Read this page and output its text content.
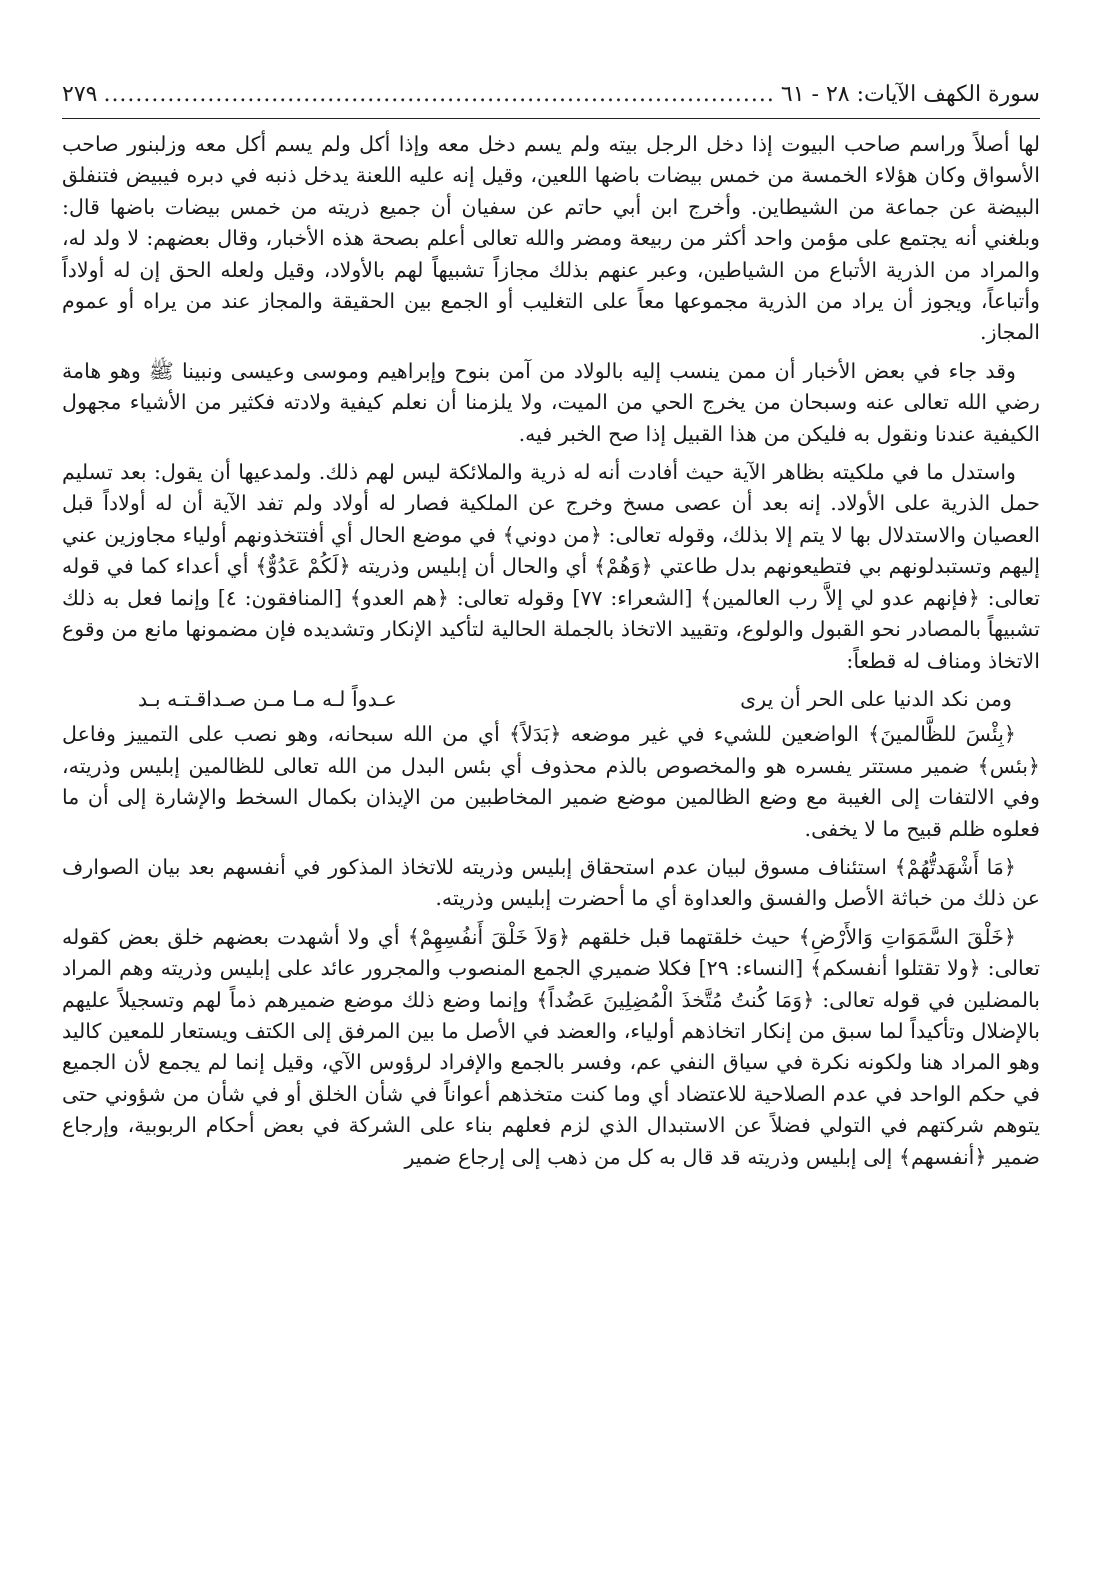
سورة الكهف الآيات: ٢٨ - ٦١
.....
٢٧٩

لها أصلاً وراسم صاحب البيوت إذا دخل الرجل بيته ولم يسم دخل معه وإذا أكل ولم يسم أكل معه وزلبنور صاحب الأسواق وكان هؤلاء الخمسة من خمس بيضات باضها اللعين، وقيل إنه عليه اللعنة يدخل ذنبه في دبره فيبيض فتنفلق البيضة عن جماعة من الشيطاين. وأخرج ابن أبي حاتم عن سفيان أن جميع ذريته من خمس بيضات باضها قال: وبلغني أنه يجتمع على مؤمن واحد أكثر من ربيعة ومضر والله تعالى أعلم بصحة هذه الأخبار، وقال بعضهم: لا ولد له، والمراد من الذرية الأتباع من الشياطين، وعبر عنهم بذلك مجازاً تشبيهاً لهم بالأولاد، وقيل ولعله الحق إن له أولاداً وأتباعاً، ويجوز أن يراد من الذرية مجموعها معاً على التغليب أو الجمع بين الحقيقة والمجاز عند من يراه أو عموم المجاز.

وقد جاء في بعض الأخبار أن ممن ينسب إليه بالولاد من آمن بنوح وإبراهيم وموسى وعيسى ونبينا ﷺ وهو هامة رضي الله تعالى عنه وسبحان من يخرج الحي من الميت، ولا يلزمنا أن نعلم كيفية ولادته فكثير من الأشياء مجهول الكيفية عندنا ونقول به فليكن من هذا القبيل إذا صح الخبر فيه.

واستدل ما في ملكيته بظاهر الآية حيث أفادت أنه له ذرية والملائكة ليس لهم ذلك. ولمدعيها أن يقول: بعد تسليم حمل الذرية على الأولاد. إنه بعد أن عصى مسخ وخرج عن الملكية فصار له أولاد ولم تفد الآية أن له أولاداً قبل العصيان والاستدلال بها لا يتم إلا بذلك، وقوله تعالى: ﴿من دوني﴾ في موضع الحال أي أفتتخذونهم أولياء مجاوزين عني إليهم وتستبدلونهم بي فتطيعونهم بدل طاعتي ﴿وَهُمْ﴾ أي والحال أن إبليس وذريته ﴿لَكُمْ عَدُوٌّ﴾ أي أعداء كما في قوله تعالى: ﴿فإنهم عدو لي إلاَّ رب العالمين﴾ [الشعراء: ٧٧] وقوله تعالى: ﴿هم العدو﴾ [المنافقون: ٤] وإنما فعل به ذلك تشبيهاً بالمصادر نحو القبول والولوع، وتقييد الاتخاذ بالجملة الحالية لتأكيد الإنكار وتشديده فإن مضمونها مانع من وقوع الاتخاذ ومناف له قطعاً:

ومن نكد الدنيا على الحر أن يرى
عـدواً لـه مـا مـن صـداقـتـه بـد

﴿بِئْسَ للظَّالمينَ﴾ الواضعين للشيء في غير موضعه ﴿بَدَلاً﴾ أي من الله سبحانه، وهو نصب على التمييز وفاعل ﴿بئس﴾ ضمير مستتر يفسره هو والمخصوص بالذم محذوف أي بئس البدل من الله تعالى للظالمين إبليس وذريته، وفي الالتفات إلى الغيبة مع وضع الظالمين موضع ضمير المخاطبين من الإيذان بكمال السخط والإشارة إلى أن ما فعلوه ظلم قبيح ما لا يخفى.

﴿مَا أَشْهَدتُّهُمْ﴾ استئناف مسوق لبيان عدم استحقاق إبليس وذريته للاتخاذ المذكور في أنفسهم بعد بيان الصوارف عن ذلك من خباثة الأصل والفسق والعداوة أي ما أحضرت إبليس وذريته.

﴿خَلْقَ السَّمَوَاتِ وَالأَرْضِ﴾ حيث خلقتهما قبل خلقهم ﴿وَلاَ خَلْقَ أَنفُسِهِمْ﴾ أي ولا أشهدت بعضهم خلق بعض كقوله تعالى: ﴿ولا تقتلوا أنفسكم﴾ [النساء: ٢٩] فكلا ضميري الجمع المنصوب والمجرور عائد على إبليس وذريته وهم المراد بالمضلين في قوله تعالى: ﴿وَمَا كُنتُ مُتَّخذَ الْمُضِلِينَ عَضُداً﴾ وإنما وضع ذلك موضع ضميرهم ذماً لهم وتسجيلاً عليهم بالإضلال وتأكيداً لما سبق من إنكار اتخاذهم أولياء، والعضد في الأصل ما بين المرفق إلى الكتف ويستعار للمعين كاليد وهو المراد هنا ولكونه نكرة في سياق النفي عم، وفسر بالجمع والإفراد لرؤوس الآي، وقيل إنما لم يجمع لأن الجميع في حكم الواحد في عدم الصلاحية للاعتضاد أي وما كنت متخذهم أعواناً في شأن الخلق أو في شأن من شؤوني حتى يتوهم شركتهم في التولي فضلاً عن الاستبدال الذي لزم فعلهم بناء على الشركة في بعض أحكام الربوبية، وإرجاع ضمير ﴿أنفسهم﴾ إلى إبليس وذريته قد قال به كل من ذهب إلى إرجاع ضمير
